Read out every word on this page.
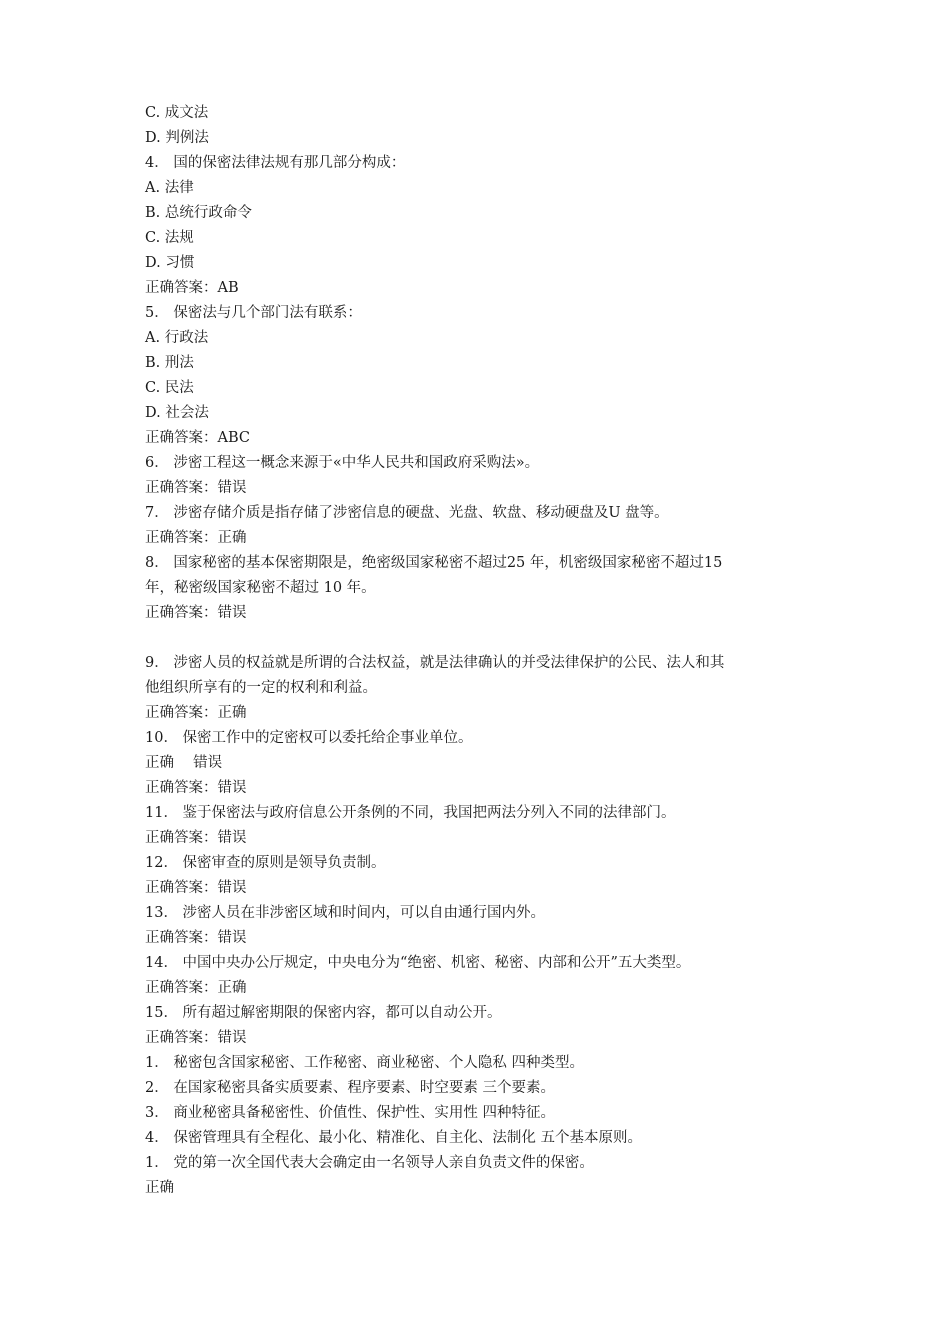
C. 成文法
D. 判例法
4． 国的保密法律法规有那几部分构成：
A. 法律
B. 总统行政命令
C. 法规
D. 习惯
正确答案：AB
5． 保密法与几个部门法有联系：
A. 行政法
B. 刑法
C. 民法
D. 社会法
正确答案：ABC
6． 涉密工程这一概念来源于«中华人民共和国政府采购法»。
正确答案：错误
7． 涉密存储介质是指存储了涉密信息的硬盘、光盘、软盘、移动硬盘及U 盘等。
正确答案：正确
8． 国家秘密的基本保密期限是，绝密级国家秘密不超过25 年，机密级国家秘密不超过15
年，秘密级国家秘密不超过 10 年。
正确答案：错误
9． 涉密人员的权益就是所谓的合法权益，就是法律确认的并受法律保护的公民、法人和其
他组织所享有的一定的权利和利益。
正确答案：正确
10． 保密工作中的定密权可以委托给企事业单位。
正确　 错误
正确答案：错误
11． 鉴于保密法与政府信息公开条例的不同，我国把两法分列入不同的法律部门。
正确答案：错误
12． 保密审查的原则是领导负责制。
正确答案：错误
13． 涉密人员在非涉密区域和时间内，可以自由通行国内外。
正确答案：错误
14． 中国中央办公厅规定，中央电分为“绝密、机密、秘密、内部和公开”五大类型。
正确答案：正确
15． 所有超过解密期限的保密内容，都可以自动公开。
正确答案：错误
1． 秘密包含国家秘密、工作秘密、商业秘密、个人隐私 四种类型。
2． 在国家秘密具备实质要素、程序要素、时空要素 三个要素。
3． 商业秘密具备秘密性、价值性、保护性、实用性 四种特征。
4． 保密管理具有全程化、最小化、精准化、自主化、法制化 五个基本原则。
1． 党的第一次全国代表大会确定由一名领导人亲自负责文件的保密。
正确
